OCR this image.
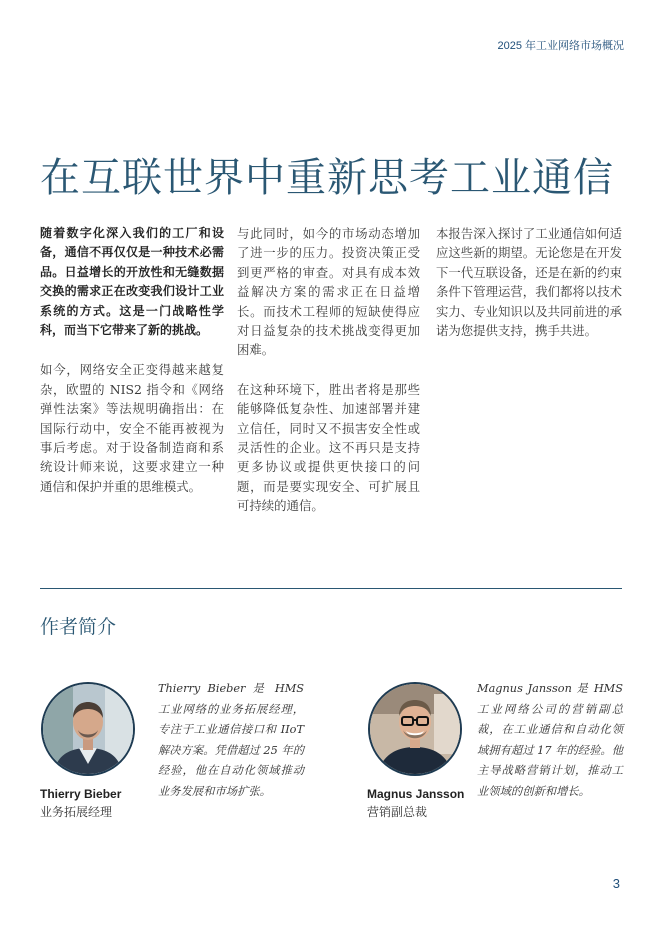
2025 年工业网络市场概况
在互联世界中重新思考工业通信

随着数字化深入我们的工厂和设备，通信不再仅仅是一种技术必需品。日益增长的开放性和无缝数据交换的需求正在改变我们设计工业系统的方式。这是一门战略性学科，而当下它带来了新的挑战。

如今，网络安全正变得越来越复杂，欧盟的 NIS2 指令和《网络弹性法案》等法规明确指出：在国际行动中，安全不能再被视为事后考虑。对于设备制造商和系统设计师来说，这要求建立一种通信和保护并重的思维模式。

与此同时，如今的市场动态增加了进一步的压力。投资决策正受到更严格的审查。对具有成本效益解决方案的需求正在日益增长。而技术工程师的短缺使得应对日益复杂的技术挑战变得更加困难。

在这种环境下，胜出者将是那些能够降低复杂性、加速部署并建立信任，同时又不损害安全性或灵活性的企业。这不再只是支持更多协议或提供更快接口的问题，而是要实现安全、可扩展且可持续的通信。

本报告深入探讨了工业通信如何适应这些新的期望。无论您是在开发下一代互联设备，还是在新的约束条件下管理运营，我们都将以技术实力、专业知识以及共同前进的承诺为您提供支持，携手共进。

作者简介
Thierry Bieber
业务拓展经理
Thierry Bieber 是 HMS 工业网络的业务拓展经理，专注于工业通信接口和 IIoT 解决方案。凭借超过 25 年的经验，他在自动化领域推动业务发展和市场扩张。	Magnus Jansson
营销副总裁
Magnus Jansson 是 HMS 工业网络公司的营销副总裁，在工业通信和自动化领域拥有超过 17 年的经验。他主导战略营销计划，推动工业领域的创新和增长。
3
